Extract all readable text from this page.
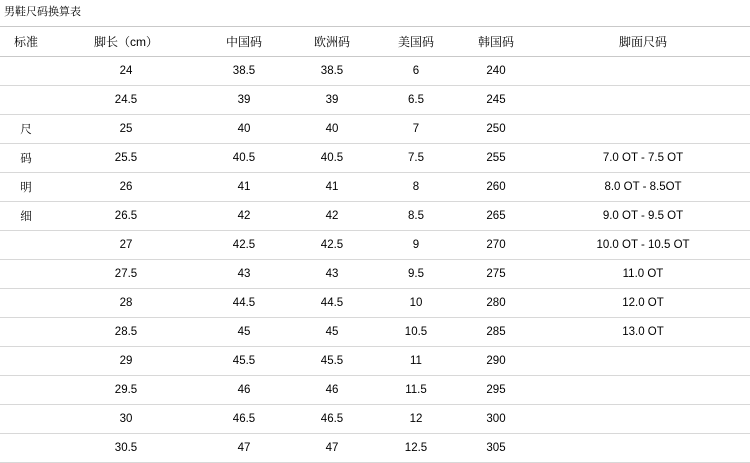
男鞋尺码换算表
标准	脚长（cm）	中国码	欧洲码	美国码	韩国码	脚面尺码
	24	38.5	38.5	6	240	
	24.5	39	39	6.5	245	
尺	25	40	40	7	250	
码	25.5	40.5	40.5	7.5	255	7.0 OT - 7.5 OT
明	26	41	41	8	260	8.0 OT - 8.5OT
细	26.5	42	42	8.5	265	9.0 OT - 9.5 OT
	27	42.5	42.5	9	270	10.0 OT - 10.5 OT
	27.5	43	43	9.5	275	11.0 OT
	28	44.5	44.5	10	280	12.0 OT
	28.5	45	45	10.5	285	13.0 OT
	29	45.5	45.5	11	290	
	29.5	46	46	11.5	295	
	30	46.5	46.5	12	300	
	30.5	47	47	12.5	305	
